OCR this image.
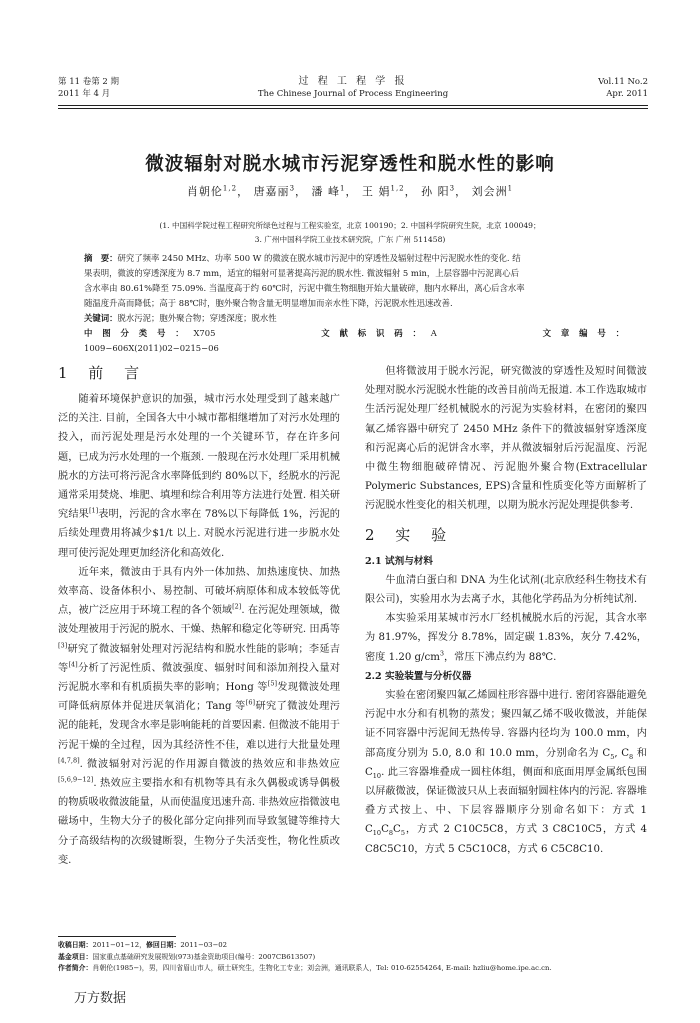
第 11 卷第 2 期
2011 年 4 月
过 程 工 程 学 报
The Chinese Journal of Process Engineering
Vol.11 No.2
Apr. 2011
微波辐射对脱水城市污泥穿透性和脱水性的影响
肖朝伦$^{1,2}$， 唐嘉丽$^3$， 潘 峰$^1$， 王 娟$^{1,2}$， 孙 阳$^3$， 刘会洲$^1$
(1. 中国科学院过程工程研究所绿色过程与工程实验室，北京 100190；2. 中国科学院研究生院，北京 100049；
3. 广州中国科学院工业技术研究院，广东 广州 511458)
摘　要：研究了频率 2450 MHz、功率 500 W 的微波在脱水城市污泥中的穿透性及辐射过程中污泥脱水性的变化. 结
果表明，微波的穿透深度为 8.7 mm，适宜的辐射可显著提高污泥的脱水性. 微波辐射 5 min，上层容器中污泥离心后
含水率由 80.61%降至 75.09%. 当温度高于约 60℃时，污泥中微生物细胞开始大量破碎，胞内水释出，离心后含水率
随温度升高而降低；高于 88℃时，胞外聚合物含量无明显增加而亲水性下降，污泥脱水性迅速改善.
关键词：脱水污泥；胞外聚合物；穿透深度；脱水性
中图分类号：X705	文献标识码：A	文章编号：1009−606X(2011)02−0215−06
1 前 言

随着环境保护意识的加强，城市污水处理受到了越来越广泛的关注. 目前，全国各大中小城市都相继增加了对污水处理的投入，而污泥处理是污水处理的一个关键环节，存在许多问题，已成为污水处理的一个瓶颈. 一般现在污水处理厂采用机械脱水的方法可将污泥含水率降低到约 80%以下，经脱水的污泥通常采用焚烧、堆肥、填埋和综合利用等方法进行处置. 相关研究结果[1]表明，污泥的含水率在 78%以下每降低 1%，污泥的后续处理费用将减少$1/t 以上. 对脱水污泥进行进一步脱水处理可使污泥处理更加经济化和高效化.

近年来，微波由于具有内外一体加热、加热速度快、加热效率高、设备体积小、易控制、可破坏病原体和成本较低等优点，被广泛应用于环境工程的各个领域[2]. 在污泥处理领域，微波处理被用于污泥的脱水、干燥、热解和稳定化等研究. 田禹等[3]研究了微波辐射处理对污泥结构和脱水性能的影响；李延吉等[4]分析了污泥性质、微波强度、辐射时间和添加剂投入量对污泥脱水率和有机质损失率的影响；Hong 等[5]发现微波处理可降低病原体并促进厌氧消化；Tang 等[6]研究了微波处理污泥的能耗，发现含水率是影响能耗的首要因素. 但微波不能用于污泥干燥的全过程，因为其经济性不佳，难以进行大批量处理[4,7,8]. 微波辐射对污泥的作用源自微波的热效应和非热效应[5,6,9−12]. 热效应主要指水和有机物等具有永久偶极或诱导偶极的物质吸收微波能量，从而使温度迅速升高. 非热效应指微波电磁场中，生物大分子的极化部分定向排列而导致氢键等维持大分子高级结构的次级键断裂，生物分子失活变性，物化性质改变.

但将微波用于脱水污泥，研究微波的穿透性及短时间微波处理对脱水污泥脱水性能的改善目前尚无报道. 本工作选取城市生活污泥处理厂经机械脱水的污泥为实验材料，在密闭的聚四氟乙烯容器中研究了 2450 MHz 条件下的微波辐射穿透深度和污泥离心后的泥饼含水率，并从微波辐射后污泥温度、污泥中微生物细胞破碎情况、污泥胞外聚合物(Extracellular Polymeric Substances, EPS)含量和性质变化等方面解析了污泥脱水性变化的相关机理，以期为脱水污泥处理提供参考.

2 实 验
2.1 试剂与材料

牛血清白蛋白和 DNA 为生化试剂(北京欣经科生物技术有限公司)，实验用水为去离子水，其他化学药品为分析纯试剂.

本实验采用某城市污水厂经机械脱水后的污泥，其含水率为 81.97%，挥发分 8.78%，固定碳 1.83%，灰分 7.42%，密度 1.20 $g/cm^3$，常压下沸点约为 88℃.

2.2 实验装置与分析仪器

实验在密闭聚四氟乙烯圆柱形容器中进行. 密闭容器能避免污泥中水分和有机物的蒸发；聚四氟乙烯不吸收微波，并能保证不同容器中污泥间无热传导. 容器内径均为 100.0 mm，内部高度分别为 5.0, 8.0 和 10.0 mm，分别命名为 $C_5$, $C_8$ 和 $C_{10}$. 此三容器堆叠成一圆柱体组，侧面和底面用厚金属纸包围以屏蔽微波，保证微波只从上表面辐射圆柱体内的污泥. 容器堆叠方式按上、中、下层容器顺序分别命名如下：方式 1 $C_{10}C_8C_5$，方式 2 C10C5C8，方式 3 C8C10C5，方式 4 C8C5C10，方式 5 C5C10C8，方式 6 C5C8C10.

收稿日期：2011−01−12，修回日期：2011−03−02
基金项目：国家重点基础研究发展规划(973)基金资助项目(编号：2007CB613507)
作者简介：肖朝伦(1985−)，男，四川省眉山市人，硕士研究生，生物化工专业；刘会洲，通讯联系人，Tel: 010-62554264, E-mail: hzliu@home.ipe.ac.cn.
万方数据
